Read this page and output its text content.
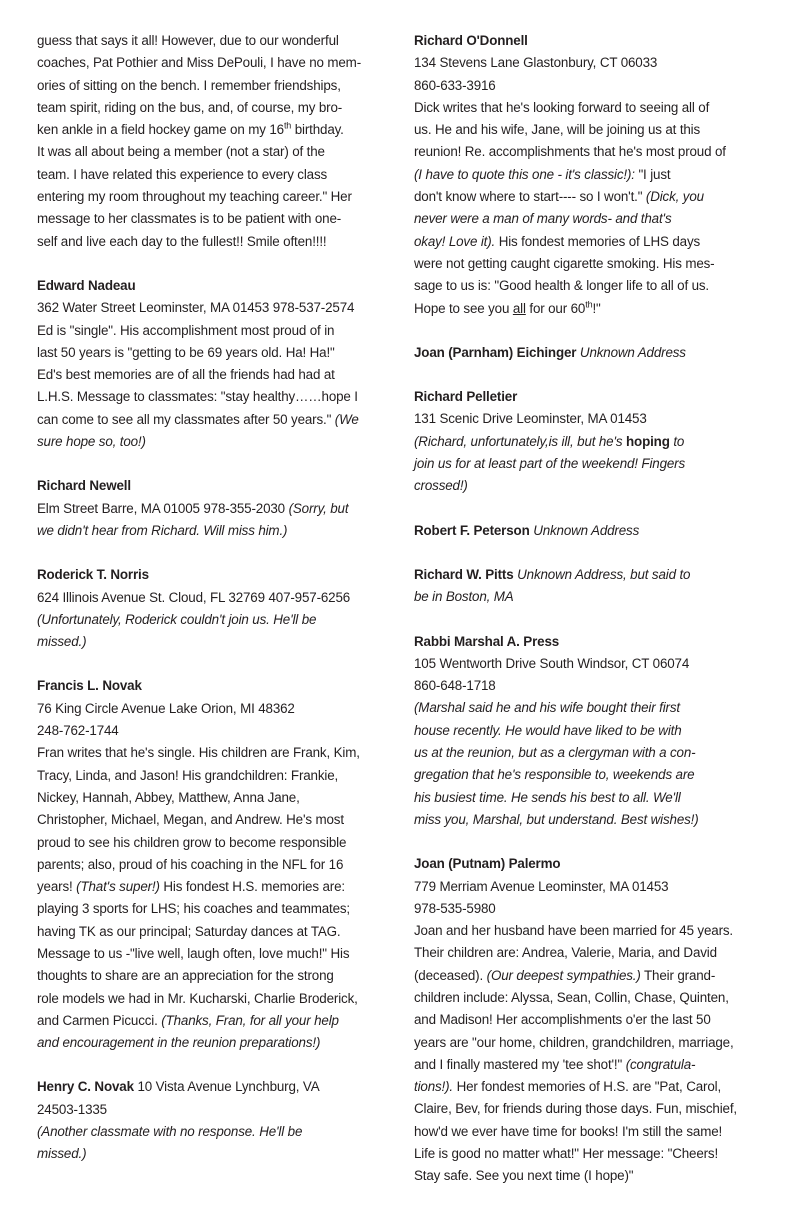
guess that says it all! However, due to our wonderful

coaches, Pat Pothier and Miss DePouli, I have no mem-

ories of sitting on the bench. I remember friendships,

team spirit, riding on the bus, and, of course, my bro-

ken ankle in a field hockey game on my 16th birthday.

It was all about being a member (not a star) of the

team. I have related this experience to every class

entering my room throughout my teaching career." Her

message to her classmates is to be patient with one-

self and live each day to the fullest!! Smile often!!!!

Edward Nadeau

362 Water Street Leominster, MA 01453 978-537-2574

Ed is "single". His accomplishment most proud of in

last 50 years is "getting to be 69 years old. Ha! Ha!"

Ed's best memories are of all the friends had had at

L.H.S. Message to classmates: "stay healthy……hope I

can come to see all my classmates after 50 years." (We

sure hope so, too!)

Richard Newell

Elm Street Barre, MA 01005 978-355-2030 (Sorry, but

we didn't hear from Richard. Will miss him.)

Roderick T. Norris

624 Illinois Avenue St. Cloud, FL 32769 407-957-6256

(Unfortunately, Roderick couldn't join us. He'll be

missed.)

Francis L. Novak

76 King Circle Avenue Lake Orion, MI 48362

248-762-1744

Fran writes that he's single. His children are Frank, Kim,

Tracy, Linda, and Jason! His grandchildren: Frankie,

Nickey, Hannah, Abbey, Matthew, Anna Jane,

Christopher, Michael, Megan, and Andrew. He's most

proud to see his children grow to become responsible

parents; also, proud of his coaching in the NFL for 16

years! (That's super!) His fondest H.S. memories are:

playing 3 sports for LHS; his coaches and teammates;

having TK as our principal; Saturday dances at TAG.

Message to us -"live well, laugh often, love much!" His

thoughts to share are an appreciation for the strong

role models we had in Mr. Kucharski, Charlie Broderick,

and Carmen Picucci. (Thanks, Fran, for all your help

and encouragement in the reunion preparations!)

Henry C. Novak 10 Vista Avenue Lynchburg, VA

24503-1335

(Another classmate with no response. He'll be

missed.)

Richard O'Donnell

134 Stevens Lane Glastonbury, CT 06033

860-633-3916

Dick writes that he's looking forward to seeing all of

us. He and his wife, Jane, will be joining us at this

reunion! Re. accomplishments that he's most proud of

(I have to quote this one - it's classic!): "I just

don't know where to start---- so I won't." (Dick, you

never were a man of many words- and that's

okay! Love it). His fondest memories of LHS days

were not getting caught cigarette smoking. His mes-

sage to us is: "Good health & longer life to all of us.

Hope to see you all for our 60th!"

Joan (Parnham) Eichinger Unknown Address

Richard Pelletier

131 Scenic Drive Leominster, MA 01453

(Richard, unfortunately,is ill, but he's hoping to

join us for at least part of the weekend! Fingers

crossed!)

Robert F. Peterson Unknown Address

Richard W. Pitts Unknown Address, but said to

be in Boston, MA

Rabbi Marshal A. Press

105 Wentworth Drive South Windsor, CT 06074

860-648-1718

(Marshal said he and his wife bought their first

house recently. He would have liked to be with

us at the reunion, but as a clergyman with a con-

gregation that he's responsible to, weekends are

his busiest time. He sends his best to all. We'll

miss you, Marshal, but understand. Best wishes!)

Joan (Putnam) Palermo

779 Merriam Avenue Leominster, MA 01453

978-535-5980

Joan and her husband have been married for 45 years.

Their children are: Andrea, Valerie, Maria, and David

(deceased). (Our deepest sympathies.) Their grand-

children include: Alyssa, Sean, Collin, Chase, Quinten,

and Madison! Her accomplishments o'er the last 50

years are "our home, children, grandchildren, marriage,

and I finally mastered my 'tee shot'!" (congratula-

tions!). Her fondest memories of H.S. are "Pat, Carol,

Claire, Bev, for friends during those days. Fun, mischief,

how'd we ever have time for books! I'm still the same!

Life is good no matter what!" Her message: "Cheers!

Stay safe. See you next time (I hope)"
